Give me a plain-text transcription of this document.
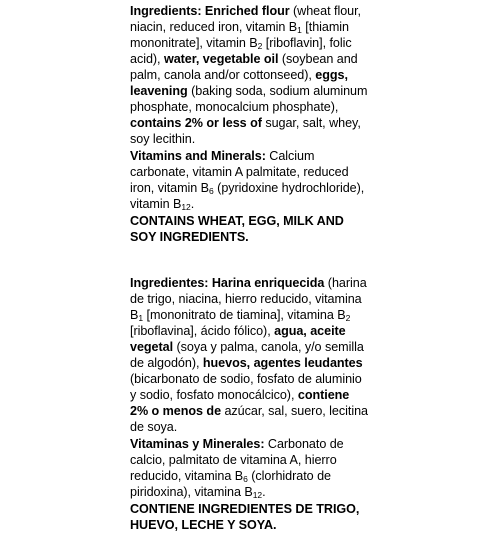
Ingredients: Enriched flour (wheat flour, niacin, reduced iron, vitamin $B_1$ [thiamin mononitrate], vitamin $B_2$ [riboflavin], folic acid), water, vegetable oil (soybean and palm, canola and/or cottonseed), eggs, leavening (baking soda, sodium aluminum phosphate, monocalcium phosphate), contains 2% or less of sugar, salt, whey, soy lecithin.

Vitamins and Minerals: Calcium carbonate, vitamin A palmitate, reduced iron, vitamin $B_6$ (pyridoxine hydrochloride), vitamin $B_{12}$.

CONTAINS WHEAT, EGG, MILK AND SOY INGREDIENTS.

Ingredientes: Harina enriquecida (harina de trigo, niacina, hierro reducido, vitamina $B_1$ [mononitrato de tiamina], vitamina $B_2$ [riboflavina], ácido fólico), agua, aceite vegetal (soya y palma, canola, y/o semilla de algodón), huevos, agentes leudantes (bicarbonato de sodio, fosfato de aluminio y sodio, fosfato monocálcico), contiene 2% o menos de azúcar, sal, suero, lecitina de soya.

Vitaminas y Minerales: Carbonato de calcio, palmitato de vitamina A, hierro reducido, vitamina $B_6$ (clorhidrato de piridoxina), vitamina $B_{12}$.

CONTIENE INGREDIENTES DE TRIGO, HUEVO, LECHE Y SOYA.
